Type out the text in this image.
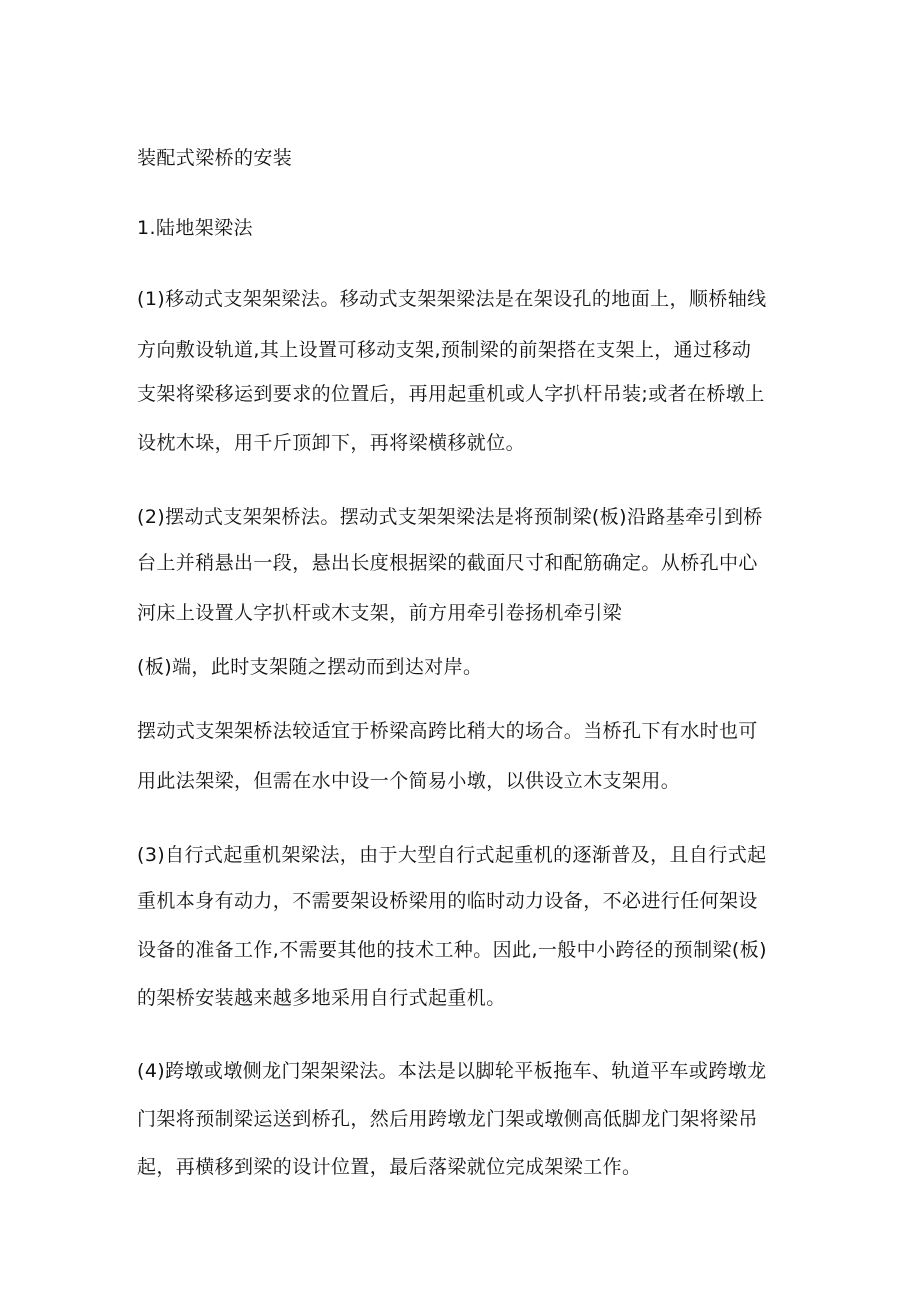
装配式梁桥的安装
1.陆地架梁法
(1)移动式支架架梁法。移动式支架架梁法是在架设孔的地面上，顺桥轴线
方向敷设轨道,其上设置可移动支架,预制梁的前架搭在支架上，通过移动
支架将梁移运到要求的位置后，再用起重机或人字扒杆吊装;或者在桥墩上
设枕木垛，用千斤顶卸下，再将梁横移就位。
(2)摆动式支架架桥法。摆动式支架架梁法是将预制梁(板)沿路基牵引到桥
台上并稍悬出一段，悬出长度根据梁的截面尺寸和配筋确定。从桥孔中心
河床上设置人字扒杆或木支架，前方用牵引卷扬机牵引梁
(板)端，此时支架随之摆动而到达对岸。
摆动式支架架桥法较适宜于桥梁高跨比稍大的场合。当桥孔下有水时也可
用此法架梁，但需在水中设一个简易小墩，以供设立木支架用。
(3)自行式起重机架梁法，由于大型自行式起重机的逐渐普及，且自行式起
重机本身有动力，不需要架设桥梁用的临时动力设备，不必进行任何架设
设备的准备工作,不需要其他的技术工种。因此,一般中小跨径的预制梁(板)
的架桥安装越来越多地采用自行式起重机。
(4)跨墩或墩侧龙门架架梁法。本法是以脚轮平板拖车、轨道平车或跨墩龙
门架将预制梁运送到桥孔，然后用跨墩龙门架或墩侧高低脚龙门架将梁吊
起，再横移到梁的设计位置，最后落梁就位完成架梁工作。
